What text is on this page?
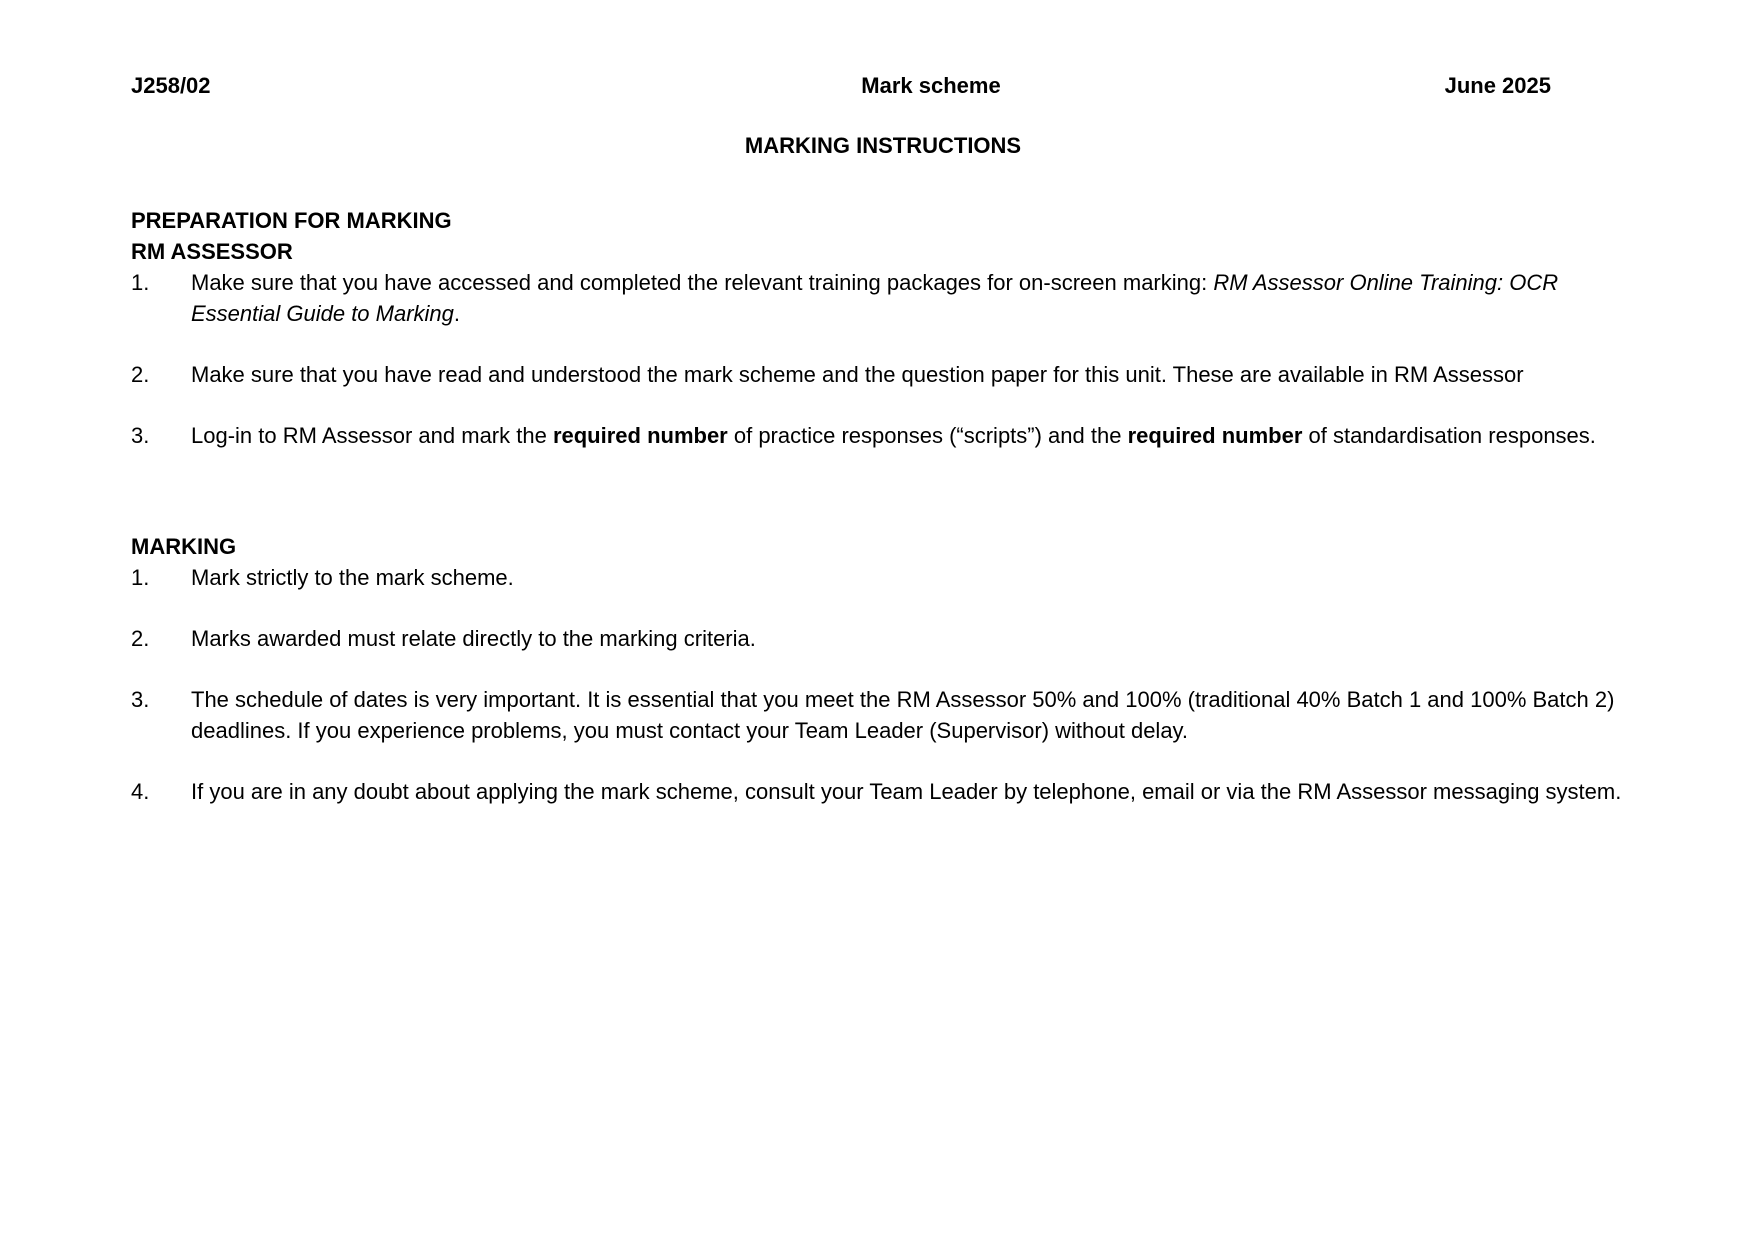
J258/02	Mark scheme	June 2025
MARKING INSTRUCTIONS

PREPARATION FOR MARKING

RM ASSESSOR

1. Make sure that you have accessed and completed the relevant training packages for on-screen marking: RM Assessor Online Training: OCR Essential Guide to Marking.

2. Make sure that you have read and understood the mark scheme and the question paper for this unit. These are available in RM Assessor

3. Log-in to RM Assessor and mark the required number of practice responses (“scripts”) and the required number of standardisation responses.

MARKING

1. Mark strictly to the mark scheme.

2. Marks awarded must relate directly to the marking criteria.

3. The schedule of dates is very important. It is essential that you meet the RM Assessor 50% and 100% (traditional 40% Batch 1 and 100% Batch 2) deadlines. If you experience problems, you must contact your Team Leader (Supervisor) without delay.

4. If you are in any doubt about applying the mark scheme, consult your Team Leader by telephone, email or via the RM Assessor messaging system.
